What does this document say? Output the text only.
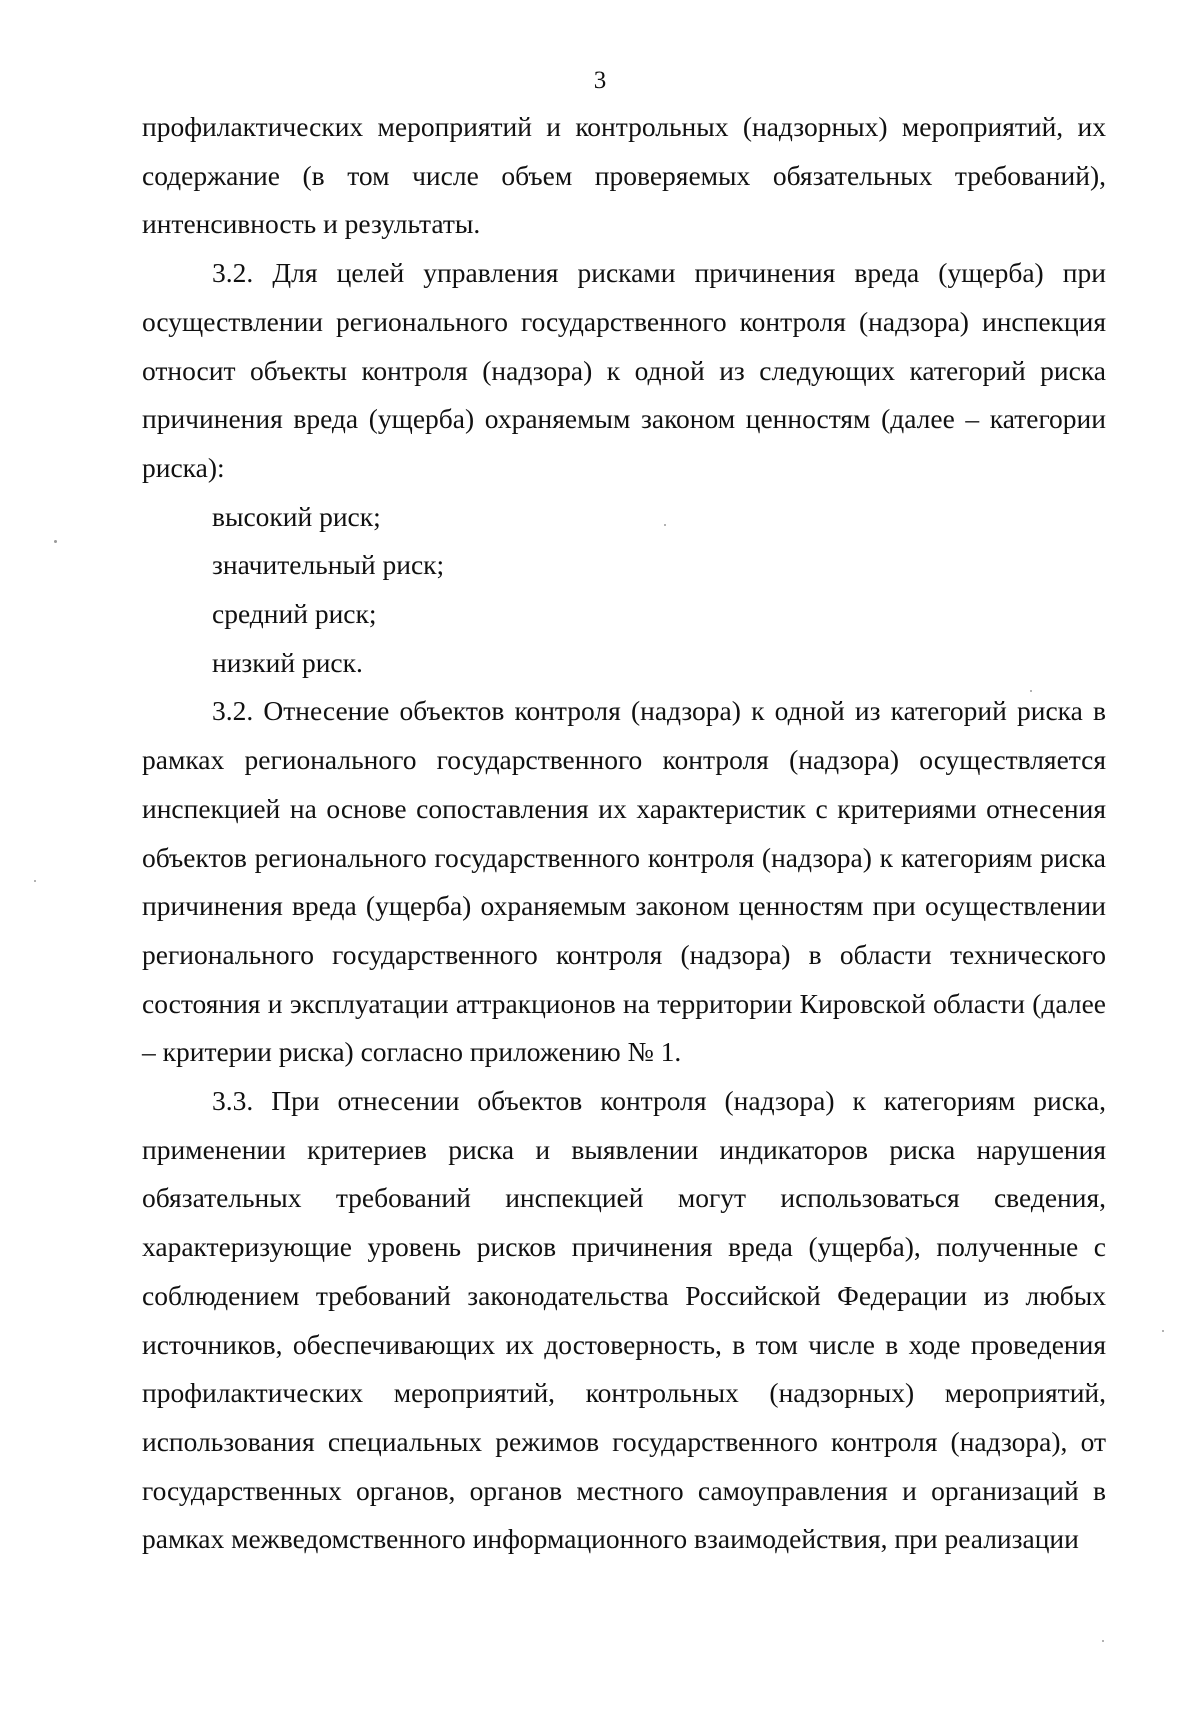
3

профилактических мероприятий и контрольных (надзорных) мероприятий, их содержание (в том числе объем проверяемых обязательных требований), интенсивность и результаты.

3.2. Для целей управления рисками причинения вреда (ущерба) при осуществлении регионального государственного контроля (надзора) инспекция относит объекты контроля (надзора) к одной из следующих категорий риска причинения вреда (ущерба) охраняемым законом ценностям (далее – категории риска):

высокий риск;

значительный риск;

средний риск;

низкий риск.

3.2. Отнесение объектов контроля (надзора) к одной из категорий риска в рамках регионального государственного контроля (надзора) осуществляется инспекцией на основе сопоставления их характеристик с критериями отнесения объектов регионального государственного контроля (надзора) к категориям риска причинения вреда (ущерба) охраняемым законом ценностям при осуществлении регионального государственного контроля (надзора) в области технического состояния и эксплуатации аттракционов на территории Кировской области (далее – критерии риска) согласно приложению № 1.

3.3. При отнесении объектов контроля (надзора) к категориям риска, применении критериев риска и выявлении индикаторов риска нарушения обязательных требований инспекцией могут использоваться сведения, характеризующие уровень рисков причинения вреда (ущерба), полученные с соблюдением требований законодательства Российской Федерации из любых источников, обеспечивающих их достоверность, в том числе в ходе проведения профилактических мероприятий, контрольных (надзорных) мероприятий, использования специальных режимов государственного контроля (надзора), от государственных органов, органов местного самоуправления и организаций в рамках межведомственного информационного взаимодействия, при реализации
